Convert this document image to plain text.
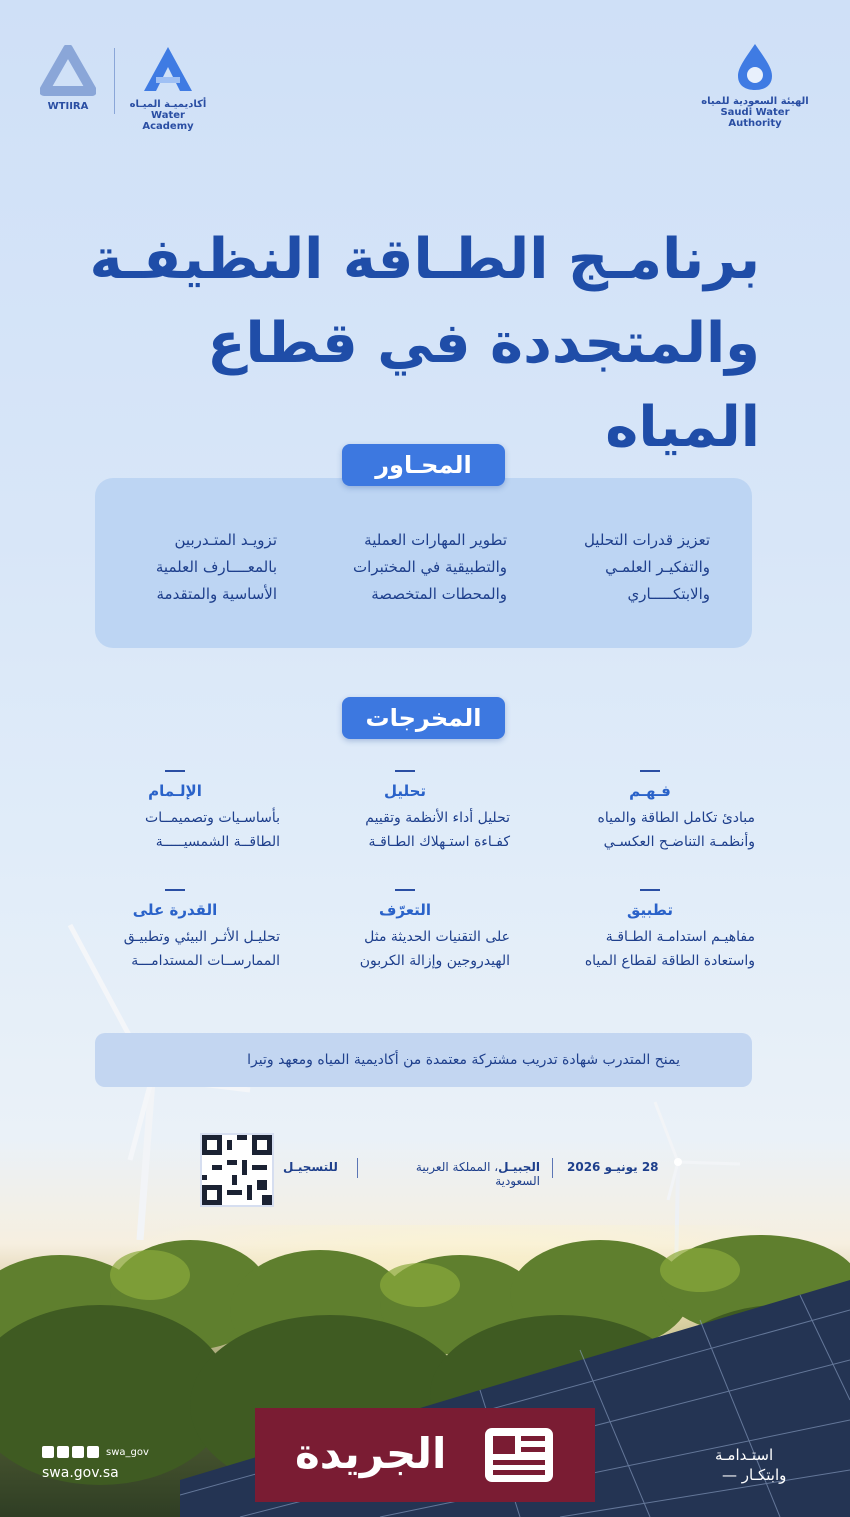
WTIIRA	أكاديميـة الميـاه
Water Academy
الهيئة السعودية للمياه
Saudi Water Authority
برنامـج الطـاقة النظيفـة
والمتجددة في قطاع المياه
المحـاور
تعزيز قدرات التحليل
والتفكيـر العلمـي
والابتكـــــاري
تطوير المهارات العملية
والتطبيقية في المختبرات
والمحطات المتخصصة
تزويـد المتـدربين
بالمعــــارف العلمية
الأساسية والمتقدمة
المخرجات
فـهـم
مبادئ تكامل الطاقة والمياه
وأنظمـة التناضـح العكسـي
تحليل
تحليل أداء الأنظمة وتقييم
كفـاءة استـهلاك الطـاقـة
الإلـمام
بأساسـيات وتصميمــات
الطاقــة الشمسيـــــة
تطبيق
مفاهيـم استدامـة الطـاقـة
واستعادة الطاقة لقطاع المياه
التعرّف
على التقنيات الحديثة مثل
الهيدروجين وإزالة الكربون
القدرة على
تحليـل الأثـر البيئي وتطبيـق
الممارســات المستدامـــة
يمنح المتدرب شهادة تدريب مشتركة معتمدة من أكاديمية المياه ومعهد وتيرا
28 يونيـو 2026
الجبيـل، المملكة العربية السعودية
للتسجيـل
swa_gov
swa.gov.sa
استـدامـة
وابتكـار —
الجريدة
